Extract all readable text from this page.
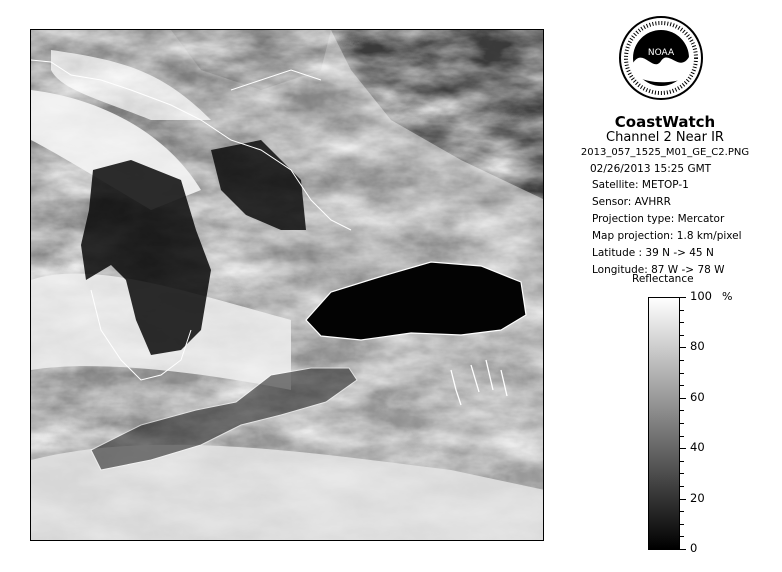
NOAA
CoastWatch
Channel 2 Near IR
2013_057_1525_M01_GE_C2.PNG
02/26/2013 15:25 GMT
Satellite: METOP-1
Sensor: AVHRR
Projection type: Mercator
Map projection: 1.8 km/pixel
Latitude : 39 N -> 45 N
Longitude: 87 W -> 78 W
Reflectance
%
100
80
60
40
20
0
